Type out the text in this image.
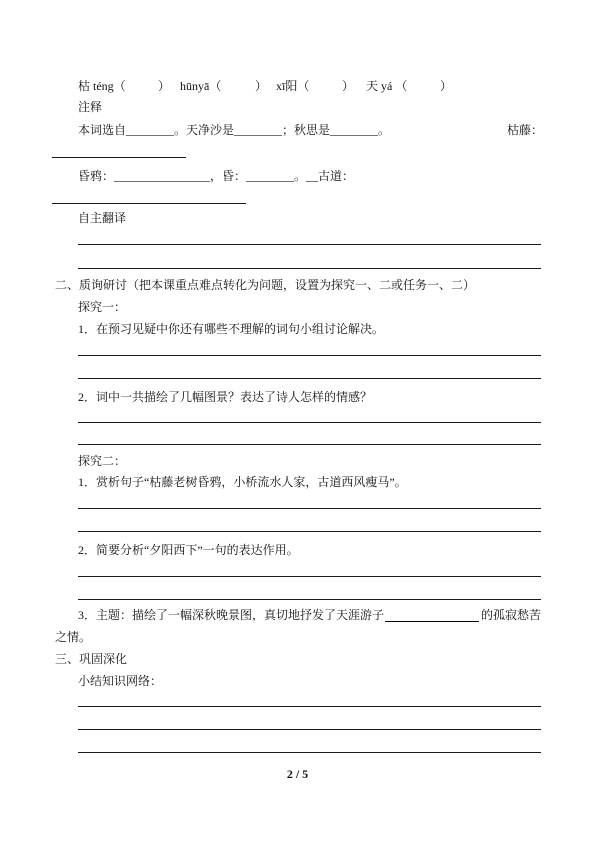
枯 téng（	） hūnyā（	） xī阳（	） 天 yá （	）
注释
本词选自________。天净沙是________；秋思是________。	枯藤：
昏鸦：________________，昏：________。__古道：
自主翻译
二、质询研讨（把本课重点难点转化为问题，设置为探究一、二或任务一、二）
探究一：
1．在预习见疑中你还有哪些不理解的词句小组讨论解决。
2．词中一共描绘了几幅图景？表达了诗人怎样的情感？
探究二：
1．赏析句子“枯藤老树昏鸦，小桥流水人家，古道西风瘦马”。
2．简要分析“夕阳西下”一句的表达作用。
3．主题：描绘了一幅深秋晚景图，真切地抒发了天涯游子	的孤寂愁苦
之情。
三、巩固深化
小结知识网络：
2 / 5
